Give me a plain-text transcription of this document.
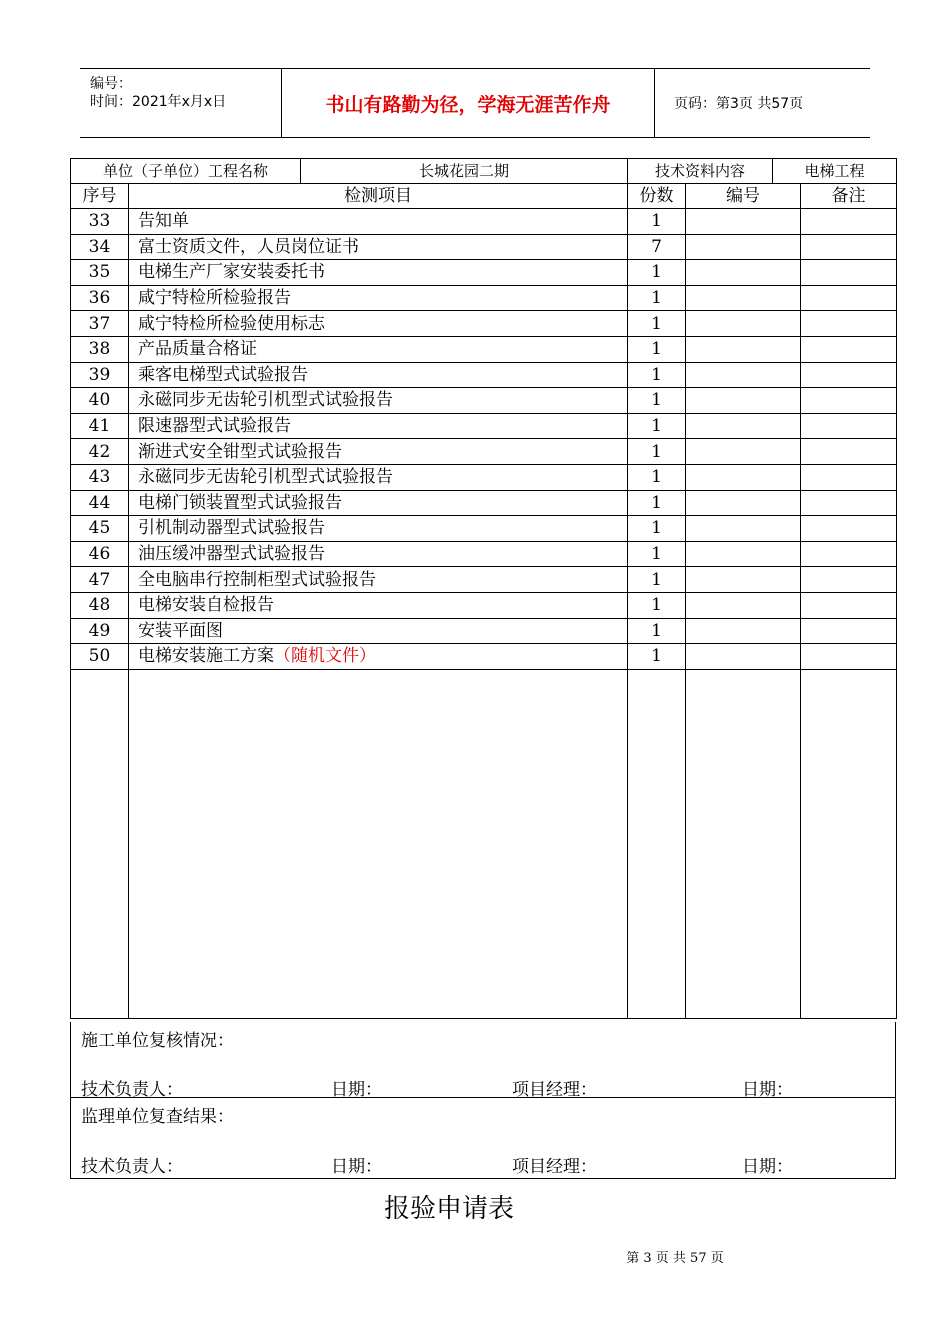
编号：
时间：2021年x月x日	书山有路勤为径，学海无涯苦作舟	页码：第3页 共57页
单位（子单位）工程名称		长城花园二期	技术资料内容		电梯工程	
序号	检测项目		份数	编号		备注
33	告知单		1			
34	富士资质文件，人员岗位证书		7			
35	电梯生产厂家安装委托书		1			
36	咸宁特检所检验报告		1			
37	咸宁特检所检验使用标志		1			
38	产品质量合格证		1			
39	乘客电梯型式试验报告		1			
40	永磁同步无齿轮引机型式试验报告		1			
41	限速器型式试验报告		1			
42	渐进式安全钳型式试验报告		1			
43	永磁同步无齿轮引机型式试验报告		1			
44	电梯门锁装置型式试验报告		1			
45	引机制动器型式试验报告		1			
46	油压缓冲器型式试验报告		1			
47	全电脑串行控制柜型式试验报告		1			
48	电梯安装自检报告		1			
49	安装平面图		1			
50	电梯安装施工方案（随机文件）		1			

施工单位复核情况：
技术负责人：	日期：	项目经理：	日期：
监理单位复查结果：
技术负责人：	日期：	项目经理：	日期：
报验申请表
第 3 页 共 57 页
